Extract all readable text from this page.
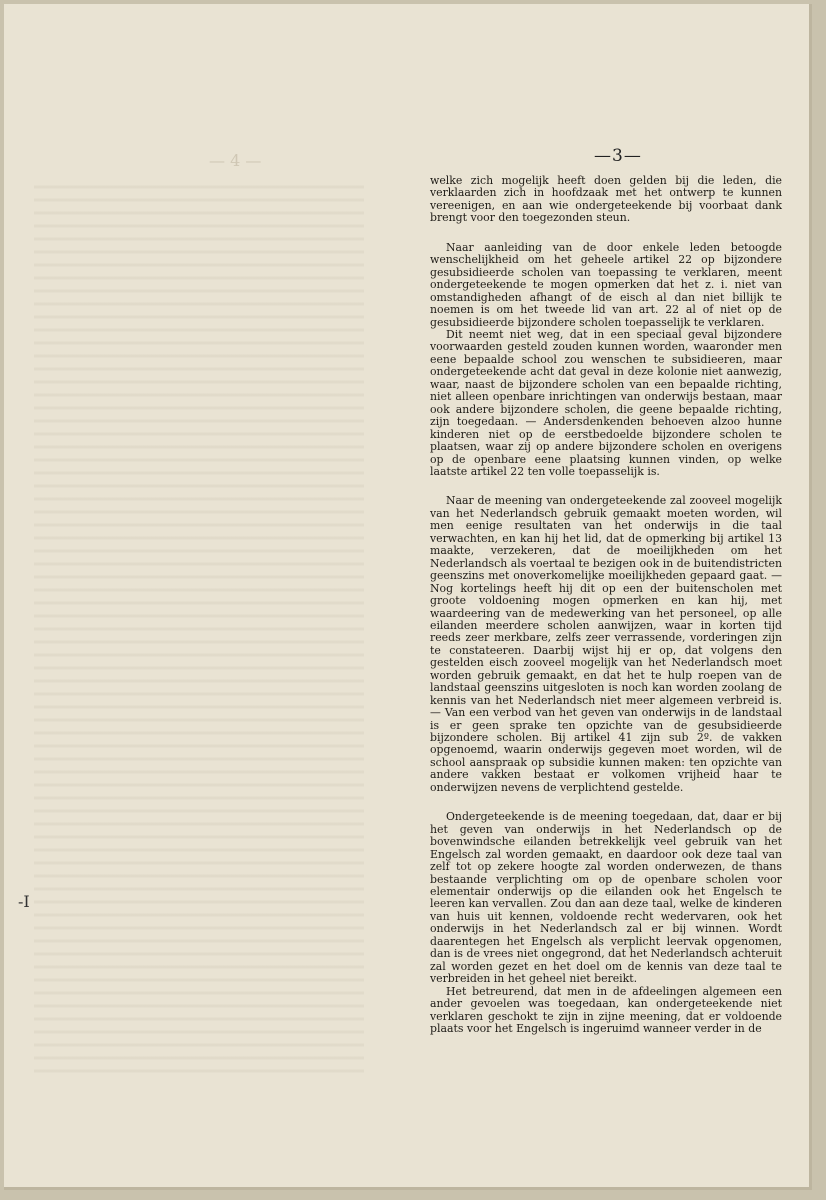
— 4 —	—3—
-I

welke zich mogelijk heeft doen gelden bij die leden, die verklaarden zich in hoofdzaak met het ontwerp te kunnen vereenigen, en aan wie ondergeteekende bij voorbaat dank brengt voor den toegezonden steun.

Naar aanleiding van de door enkele leden betoogde wenschelijkheid om het geheele artikel 22 op bijzondere gesubsidieerde scholen van toepassing te verklaren, meent ondergeteekende te mogen opmerken dat het z. i. niet van omstandigheden afhangt of de eisch al dan niet billijk te noemen is om het tweede lid van art. 22 al of niet op de gesubsidieerde bijzondere scholen toepasselijk te verklaren.

Dit neemt niet weg, dat in een speciaal geval bijzondere voorwaarden gesteld zouden kunnen worden, waaronder men eene bepaalde school zou wenschen te subsidieeren, maar ondergeteekende acht dat geval in deze kolonie niet aanwezig, waar, naast de bijzondere scholen van een bepaalde richting, niet alleen openbare inrichtingen van onderwijs bestaan, maar ook andere bijzondere scholen, die geene bepaalde richting, zijn toegedaan. — Andersdenkenden behoeven alzoo hunne kinderen niet op de eerstbedoelde bijzondere scholen te plaatsen, waar zij op andere bijzondere scholen en overigens op de openbare eene plaatsing kunnen vinden, op welke laatste artikel 22 ten volle toepasselijk is.

Naar de meening van ondergeteekende zal zooveel mogelijk van het Nederlandsch gebruik gemaakt moeten worden, wil men eenige resultaten van het onderwijs in die taal verwachten, en kan hij het lid, dat de opmerking bij artikel 13 maakte, verzekeren, dat de moeilijkheden om het Nederlandsch als voertaal te bezigen ook in de buitendistricten geenszins met onoverkomelijke moeilijkheden gepaard gaat. — Nog kortelings heeft hij dit op een der buitenscholen met groote voldoening mogen opmerken en kan hij, met waardeering van de medewerking van het personeel, op alle eilanden meerdere scholen aanwijzen, waar in korten tijd reeds zeer merkbare, zelfs zeer verrassende, vorderingen zijn te constateeren. Daarbij wijst hij er op, dat volgens den gestelden eisch zooveel mogelijk van het Nederlandsch moet worden gebruik gemaakt, en dat het te hulp roepen van de landstaal geenszins uitgesloten is noch kan worden zoolang de kennis van het Nederlandsch niet meer algemeen verbreid is. — Van een verbod van het geven van onderwijs in de landstaal is er geen sprake ten opzichte van de gesubsidieerde bijzondere scholen. Bij artikel 41 zijn sub 2º. de vakken opgenoemd, waarin onderwijs gegeven moet worden, wil de school aanspraak op subsidie kunnen maken: ten opzichte van andere vakken bestaat er volkomen vrijheid haar te onderwijzen nevens de verplichtend gestelde.

Ondergeteekende is de meening toegedaan, dat, daar er bij het geven van onderwijs in het Nederlandsch op de bovenwindsche eilanden betrekkelijk veel gebruik van het Engelsch zal worden gemaakt, en daardoor ook deze taal van zelf tot op zekere hoogte zal worden onderwezen, de thans bestaande verplichting om op de openbare scholen voor elementair onderwijs op die eilanden ook het Engelsch te leeren kan vervallen. Zou dan aan deze taal, welke de kinderen van huis uit kennen, voldoende recht wedervaren, ook het onderwijs in het Nederlandsch zal er bij winnen. Wordt daarentegen het Engelsch als verplicht leervak opgenomen, dan is de vrees niet ongegrond, dat het Nederlandsch achteruit zal worden gezet en het doel om de kennis van deze taal te verbreiden in het geheel niet bereikt.

Het betreurend, dat men in de afdeelingen algemeen een ander gevoelen was toegedaan, kan ondergeteekende niet verklaren geschokt te zijn in zijne meening, dat er voldoende plaats voor het Engelsch is ingeruimd wanneer verder in de
